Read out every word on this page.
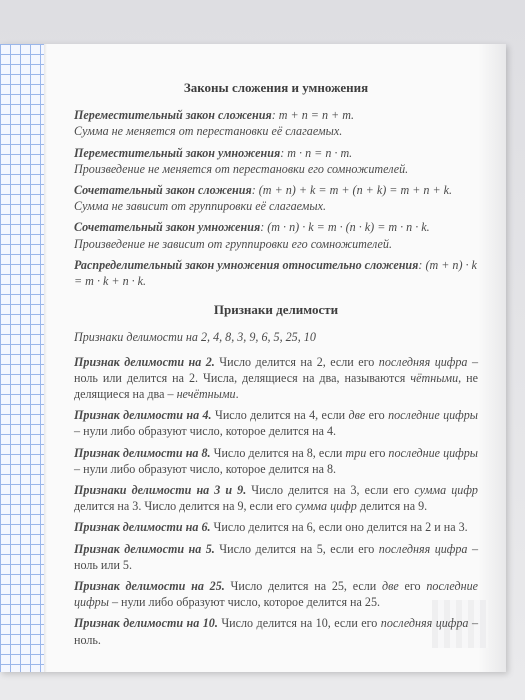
Законы сложения и умножения
Переместительный закон сложения: m + n = n + m.
Сумма не меняется от перестановки её слагаемых.
Переместительный закон умножения: m · n = n · m.
Произведение не меняется от перестановки его сомножителей.
Сочетательный закон сложения: (m + n) + k = m + (n + k) = m + n + k.
Сумма не зависит от группировки её слагаемых.
Сочетательный закон умножения: (m · n) · k = m · (n · k) = m · n · k.
Произведение не зависит от группировки его сомножителей.
Распределительный закон умножения относительно сложения: (m + n) · k = m · k + n · k.
Признаки делимости
Признаки делимости на 2, 4, 8, 3, 9, 6, 5, 25, 10
Признак делимости на 2. Число делится на 2, если его последняя цифра – ноль или делится на 2. Числа, делящиеся на два, называются чётными, не делящиеся на два – нечётными.
Признак делимости на 4. Число делится на 4, если две его последние цифры – нули либо образуют число, которое делится на 4.
Признак делимости на 8. Число делится на 8, если три его последние цифры – нули либо образуют число, которое делится на 8.
Признаки делимости на 3 и 9. Число делится на 3, если его сумма цифр делится на 3. Число делится на 9, если его сумма цифр делится на 9.
Признак делимости на 6. Число делится на 6, если оно делится на 2 и на 3.
Признак делимости на 5. Число делится на 5, если его последняя цифра – ноль или 5.
Признак делимости на 25. Число делится на 25, если две его последние цифры – нули либо образуют число, которое делится на 25.
Признак делимости на 10. Число делится на 10, если его последняя цифра – ноль.
